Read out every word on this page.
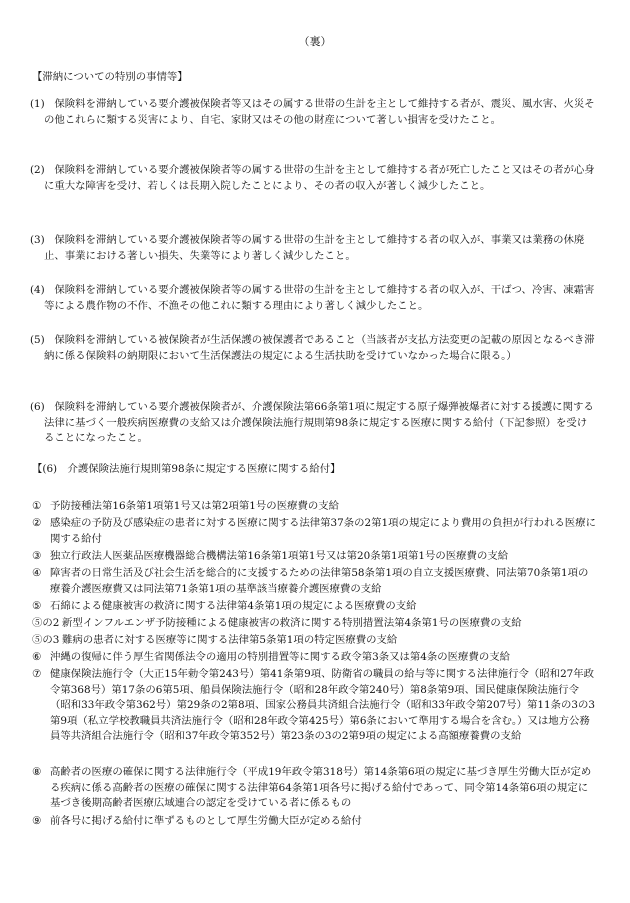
（裏）
【滞納についての特別の事情等】
(1) 　保険料を滞納している要介護被保険者等又はその属する世帯の生計を主として維持する者が、震災、風水害、火災その他これらに類する災害により、自宅、家財又はその他の財産について著しい損害を受けたこと。
(2) 　保険料を滞納している要介護被保険者等の属する世帯の生計を主として維持する者が死亡したこと又はその者が心身に重大な障害を受け、若しくは長期入院したことにより、その者の収入が著しく減少したこと。
(3) 　保険料を滞納している要介護被保険者等の属する世帯の生計を主として維持する者の収入が、事業又は業務の休廃止、事業における著しい損失、失業等により著しく減少したこと。
(4) 　保険料を滞納している要介護被保険者等の属する世帯の生計を主として維持する者の収入が、干ばつ、冷害、凍霜害等による農作物の不作、不漁その他これに類する理由により著しく減少したこと。
(5) 　保険料を滞納している被保険者が生活保護の被保護者であること（当該者が支払方法変更の記載の原因となるべき滞納に係る保険料の納期限において生活保護法の規定による生活扶助を受けていなかった場合に限る。）
(6) 　保険料を滞納している要介護被保険者が、介護保険法第66条第1項に規定する原子爆弾被爆者に対する援護に関する法律に基づく一般疾病医療費の支給又は介護保険法施行規則第98条に規定する医療に関する給付（下記参照）を受けることになったこと。
【(6)　介護保険法施行規則第98条に規定する医療に関する給付】
① 予防接種法第16条第1項第1号又は第2項第1号の医療費の支給
② 感染症の予防及び感染症の患者に対する医療に関する法律第37条の2第1項の規定により費用の負担が行われる医療に関する給付
③ 独立行政法人医薬品医療機器総合機構法第16条第1項第1号又は第20条第1項第1号の医療費の支給
④ 障害者の日常生活及び社会生活を総合的に支援するための法律第58条第1項の自立支援医療費、同法第70条第1項の療養介護医療費又は同法第71条第1項の基準該当療養介護医療費の支給
⑤ 石綿による健康被害の救済に関する法律第4条第1項の規定による医療費の支給
⑤の2 新型インフルエンザ予防接種による健康被害の救済に関する特別措置法第4条第1号の医療費の支給
⑤の3 難病の患者に対する医療等に関する法律第5条第1項の特定医療費の支給
⑥ 沖縄の復帰に伴う厚生省関係法令の適用の特別措置等に関する政令第3条又は第4条の医療費の支給
⑦ 健康保険法施行令（大正15年勅令第243号）第41条第9項、防衛省の職員の給与等に関する法律施行令（昭和27年政令第368号）第17条の6第5項、船員保険法施行令（昭和28年政令第240号）第8条第9項、国民健康保険法施行令（昭和33年政令第362号）第29条の2第8項、国家公務員共済組合法施行令（昭和33年政令第207号）第11条の3の3第9項（私立学校教職員共済法施行令（昭和28年政令第425号）第6条において準用する場合を含む。）又は地方公務員等共済組合法施行令（昭和37年政令第352号）第23条の3の2第9項の規定による高額療養費の支給
⑧ 高齢者の医療の確保に関する法律施行令（平成19年政令第318号）第14条第6項の規定に基づき厚生労働大臣が定める疾病に係る高齢者の医療の確保に関する法律第64条第1項各号に掲げる給付であって、同令第14条第6項の規定に基づき後期高齢者医療広域連合の認定を受けている者に係るもの
⑨ 前各号に掲げる給付に準ずるものとして厚生労働大臣が定める給付
